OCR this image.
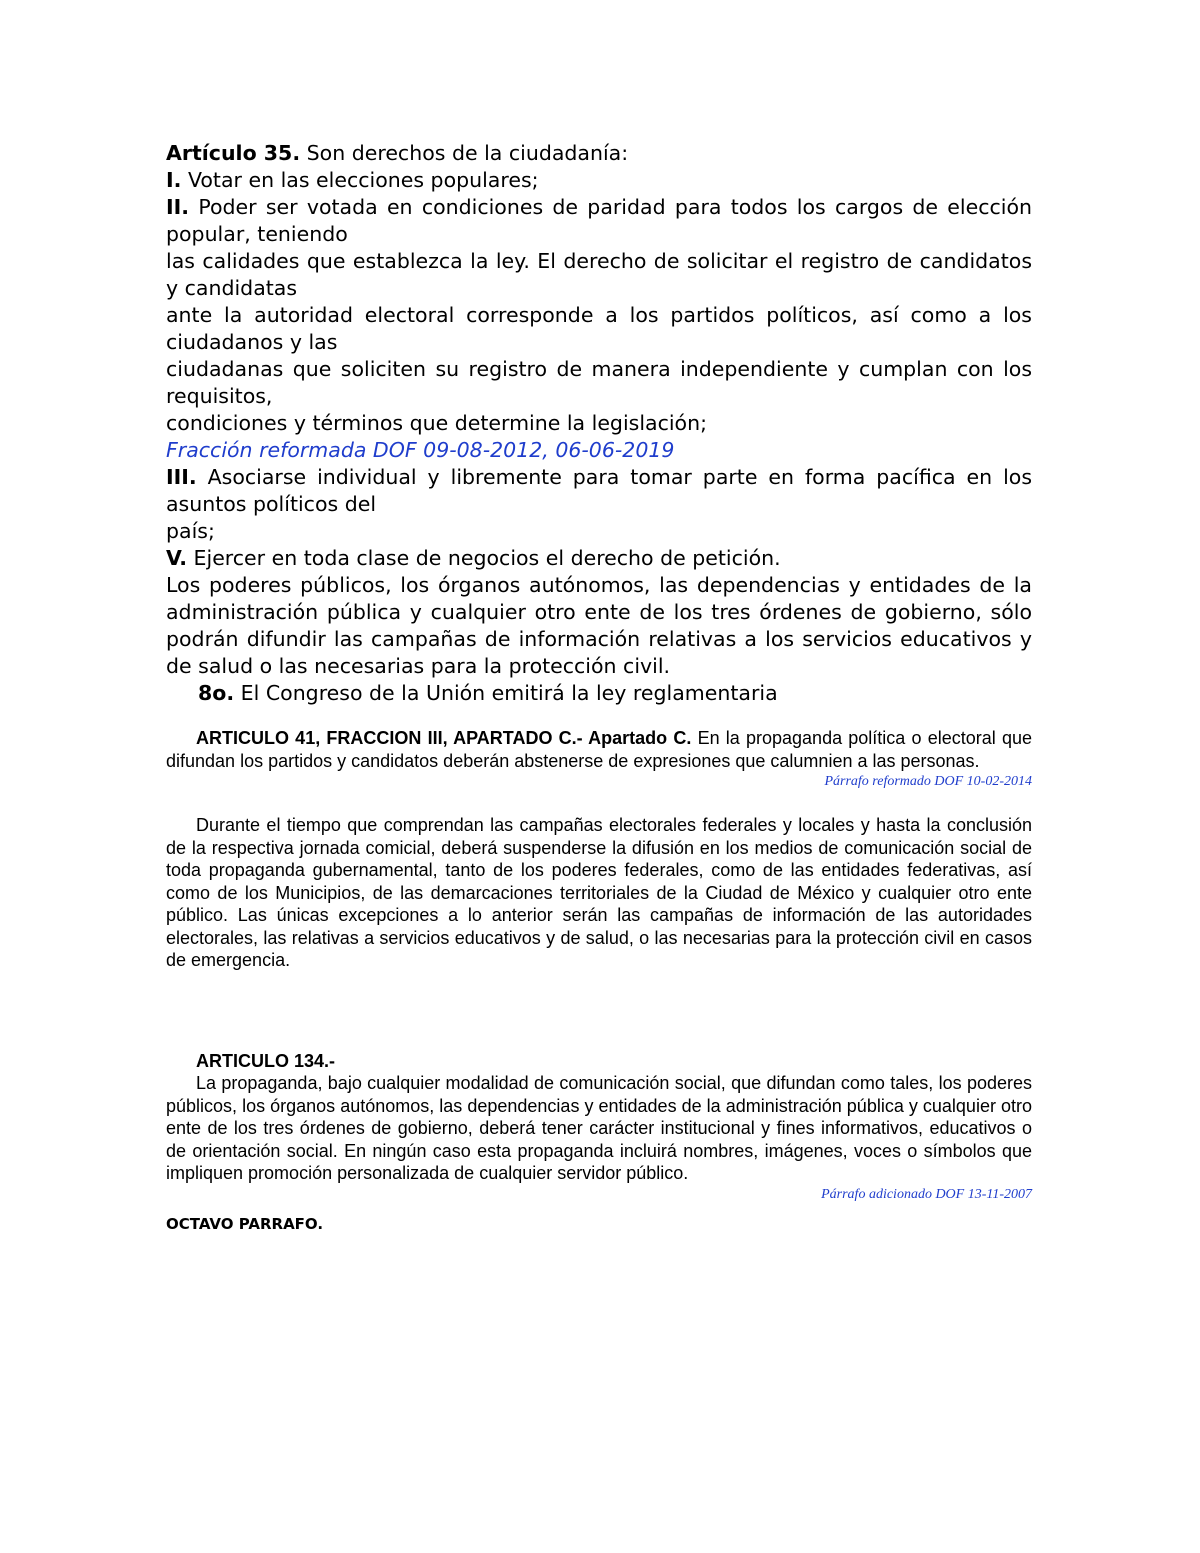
Artículo 35. Son derechos de la ciudadanía:

I. Votar en las elecciones populares;

II. Poder ser votada en condiciones de paridad para todos los cargos de elección popular, teniendo

las calidades que establezca la ley. El derecho de solicitar el registro de candidatos y candidatas

ante la autoridad electoral corresponde a los partidos políticos, así como a los ciudadanos y las

ciudadanas que soliciten su registro de manera independiente y cumplan con los requisitos,

condiciones y términos que determine la legislación;

Fracción reformada DOF 09-08-2012, 06-06-2019

III. Asociarse individual y libremente para tomar parte en forma pacífica en los asuntos políticos del

país;

V. Ejercer en toda clase de negocios el derecho de petición.

Los poderes públicos, los órganos autónomos, las dependencias y entidades de la administración pública y cualquier otro ente de los tres órdenes de gobierno, sólo podrán difundir las campañas de información relativas a los servicios educativos y de salud o las necesarias para la protección civil.

8o. El Congreso de la Unión emitirá la ley reglamentaria

ARTICULO 41, FRACCION III, APARTADO C.- Apartado C. En la propaganda política o electoral que difundan los partidos y candidatos deberán abstenerse de expresiones que calumnien a las personas.

Párrafo reformado DOF 10-02-2014

Durante el tiempo que comprendan las campañas electorales federales y locales y hasta la conclusión de la respectiva jornada comicial, deberá suspenderse la difusión en los medios de comunicación social de toda propaganda gubernamental, tanto de los poderes federales, como de las entidades federativas, así como de los Municipios, de las demarcaciones territoriales de la Ciudad de México y cualquier otro ente público. Las únicas excepciones a lo anterior serán las campañas de información de las autoridades electorales, las relativas a servicios educativos y de salud, o las necesarias para la protección civil en casos de emergencia.

ARTICULO 134.-

La propaganda, bajo cualquier modalidad de comunicación social, que difundan como tales, los poderes públicos, los órganos autónomos, las dependencias y entidades de la administración pública y cualquier otro ente de los tres órdenes de gobierno, deberá tener carácter institucional y fines informativos, educativos o de orientación social. En ningún caso esta propaganda incluirá nombres, imágenes, voces o símbolos que impliquen promoción personalizada de cualquier servidor público.

Párrafo adicionado DOF 13-11-2007

OCTAVO PARRAFO.
